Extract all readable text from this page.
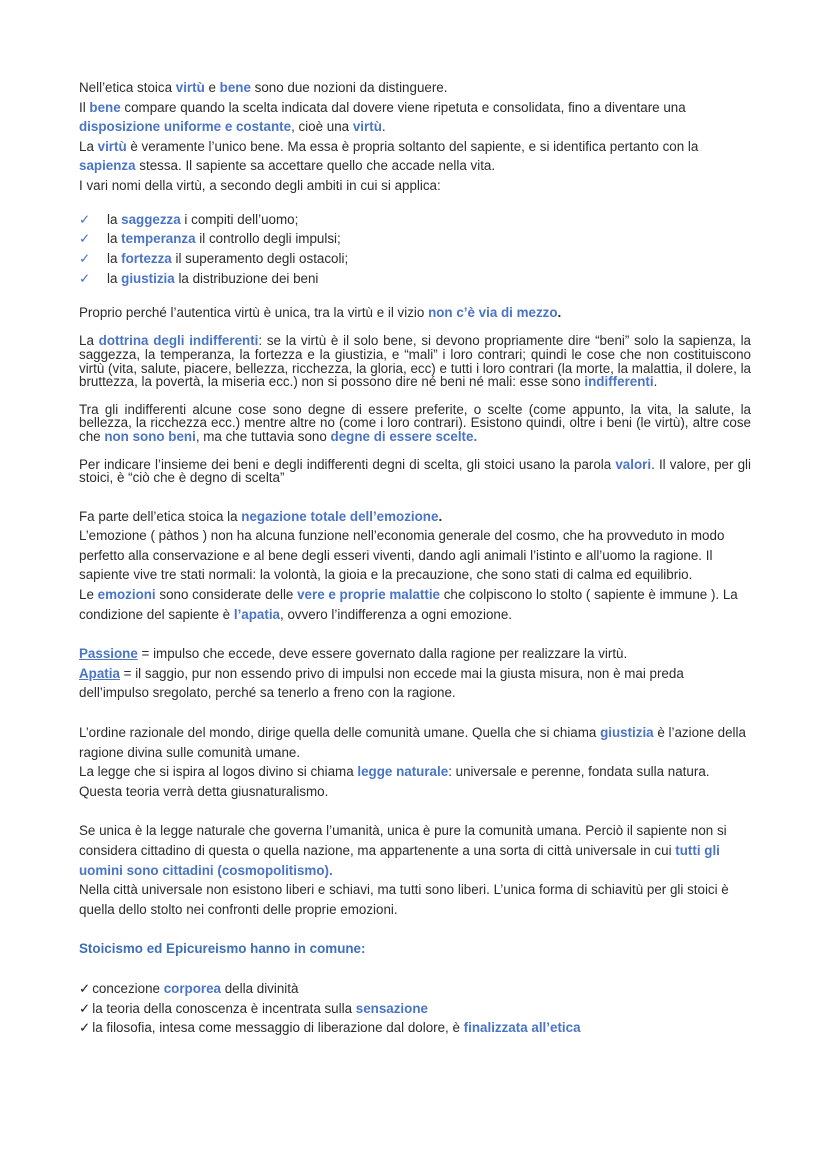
Nell’etica stoica virtù e bene sono due nozioni da distinguere.

Il bene compare quando la scelta indicata dal dovere viene ripetuta e consolidata, fino a diventare una
disposizione uniforme e costante, cioè una virtù.

La virtù è veramente l’unico bene. Ma essa è propria soltanto del sapiente, e si identifica pertanto con la
sapienza stessa. Il sapiente sa accettare quello che accade nella vita.

I vari nomi della virtù, a secondo degli ambiti in cui si applica:

✓	la saggezza i compiti dell’uomo;
✓	la temperanza il controllo degli impulsi;
✓	la fortezza il superamento degli ostacoli;
✓	la giustizia la distribuzione dei beni

Proprio perché l’autentica virtù è unica, tra la virtù e il vizio non c’è via di mezzo.

La dottrina degli indifferenti: se la virtù è il solo bene, si devono propriamente dire “beni” solo la sapienza, la saggezza, la temperanza, la fortezza e la giustizia, e “mali” i loro contrari; quindi le cose che non costituiscono virtù (vita, salute, piacere, bellezza, ricchezza, la gloria, ecc) e tutti i loro contrari (la morte, la malattia, il dolere, la bruttezza, la povertà, la miseria ecc.) non si possono dire né beni né mali: esse sono indifferenti.

Tra gli indifferenti alcune cose sono degne di essere preferite, o scelte (come appunto, la vita, la salute, la bellezza, la ricchezza ecc.) mentre altre no (come i loro contrari). Esistono quindi, oltre i beni (le virtù), altre cose che non sono beni, ma che tuttavia sono degne di essere scelte.

Per indicare l’insieme dei beni e degli indifferenti degni di scelta, gli stoici usano la parola valori. Il valore, per gli stoici, è “ciò che è degno di scelta”

Fa parte dell’etica stoica la negazione totale dell’emozione.

L’emozione ( pàthos ) non ha alcuna funzione nell’economia generale del cosmo, che ha provveduto in modo perfetto alla conservazione e al bene degli esseri viventi, dando agli animali l’istinto e all’uomo la ragione. Il sapiente vive tre stati normali: la volontà, la gioia e la precauzione, che sono stati di calma ed equilibrio.

Le emozioni sono considerate delle vere e proprie malattie che colpiscono lo stolto ( sapiente è immune ). La condizione del sapiente è l’apatia, ovvero l’indifferenza a ogni emozione.

Passione = impulso che eccede, deve essere governato dalla ragione per realizzare la virtù.

Apatia = il saggio, pur non essendo privo di impulsi non eccede mai la giusta misura, non è mai preda dell’impulso sregolato, perché sa tenerlo a freno con la ragione.

L’ordine razionale del mondo, dirige quella delle comunità umane. Quella che si chiama giustizia è l’azione della ragione divina sulle comunità umane.

La legge che si ispira al logos divino si chiama legge naturale: universale e perenne, fondata sulla natura.

Questa teoria verrà detta giusnaturalismo.

Se unica è la legge naturale che governa l’umanità, unica è pure la comunità umana. Perciò il sapiente non si considera cittadino di questa o quella nazione, ma appartenente a una sorta di città universale in cui tutti gli uomini sono cittadini (cosmopolitismo).

Nella città universale non esistono liberi e schiavi, ma tutti sono liberi. L’unica forma di schiavitù per gli stoici è quella dello stolto nei confronti delle proprie emozioni.

Stoicismo ed Epicureismo hanno in comune:

✓ concezione corporea della divinità
✓ la teoria della conoscenza è incentrata sulla sensazione
✓ la filosofia, intesa come messaggio di liberazione dal dolore, è finalizzata all’etica
